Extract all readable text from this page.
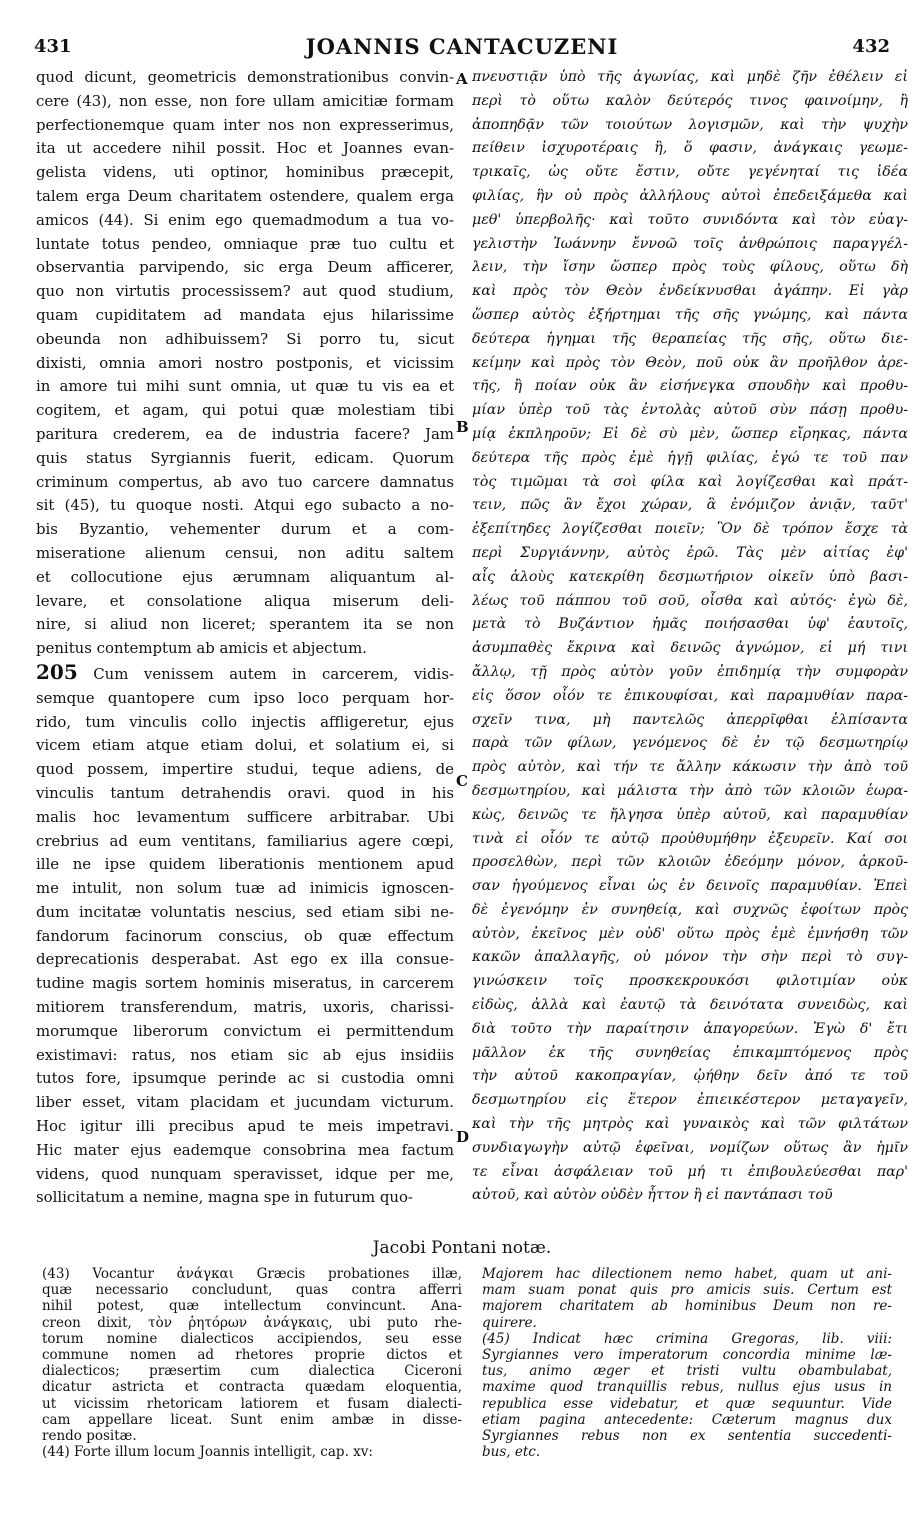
431	JOANNIS CANTACUZENI	432
quod dicunt, geometricis demonstrationibus convin-
cere (43), non esse, non fore ullam amicitiæ formam
perfectionemque quam inter nos non expresserimus,
ita ut accedere nihil possit. Hoc et Joannes evan-
gelista videns, uti optinor, hominibus præcepit,
talem erga Deum charitatem ostendere, qualem erga
amicos (44). Si enim ego quemadmodum a tua vo-
luntate totus pendeo, omniaque præ tuo cultu et
observantia parvipendo, sic erga Deum afficerer,
quo non virtutis processissem? aut quod studium,
quam cupiditatem ad mandata ejus hilarissime
obeunda non adhibuissem? Si porro tu, sicut
dixisti, omnia amori nostro postponis, et vicissim
in amore tui mihi sunt omnia, ut quæ tu vis ea et
cogitem, et agam, qui potui quæ molestiam tibi
paritura crederem, ea de industria facere? Jam
quis status Syrgiannis fuerit, edicam. Quorum
criminum compertus, ab avo tuo carcere damnatus
sit (45), tu quoque nosti. Atqui ego subacto a no-
bis Byzantio, vehementer durum et a com-
miseratione alienum censui, non aditu saltem
et collocutione ejus ærumnam aliquantum al-
levare, et consolatione aliqua miserum deli-
nire, si aliud non liceret; sperantem ita se non
penitus contemptum ab amicis et abjectum.
205 Cum venissem autem in carcerem, vidis-
semque quantopere cum ipso loco perquam hor-
rido, tum vinculis collo injectis affligeretur, ejus
vicem etiam atque etiam dolui, et solatium ei, si
quod possem, impertire studui, teque adiens, de
vinculis tantum detrahendis oravi. quod in his
malis hoc levamentum sufficere arbitrabar. Ubi
crebrius ad eum ventitans, familiarius agere cœpi,
ille ne ipse quidem liberationis mentionem apud
me intulit, non solum tuæ ad inimicis ignoscen-
dum incitatæ voluntatis nescius, sed etiam sibi ne-
fandorum facinorum conscius, ob quæ effectum
deprecationis desperabat. Ast ego ex illa consue-
tudine magis sortem hominis miseratus, in carcerem
mitiorem transferendum, matris, uxoris, charissi-
morumque liberorum convictum ei permittendum
existimavi: ratus, nos etiam sic ab ejus insidiis
tutos fore, ipsumque perinde ac si custodia omni
liber esset, vitam placidam et jucundam victurum.
Hoc igitur illi precibus apud te meis impetravi.
Hic mater ejus eademque consobrina mea factum
videns, quod nunquam speravisset, idque per me,
sollicitatum a nemine, magna spe in futurum quo-
πνευστιᾷν ὑπὸ τῆς ἀγωνίας, καὶ μηδὲ ζῆν ἐθέλειν εἰ
περὶ τὸ οὕτω καλὸν δεύτερός τινος φαινοίμην, ἢ
ἀποπηδᾷν τῶν τοιούτων λογισμῶν, καὶ τὴν ψυχὴν
πείθειν ἰσχυροτέραις ἢ, ὅ φασιν, ἀνάγκαις γεωμε-
τρικαῖς, ὡς οὔτε ἔστιν, οὔτε γεγένηταί τις ἰδέα
φιλίας, ἣν οὐ πρὸς ἀλλήλους αὐτοὶ ἐπεδειξάμεθα καὶ
μεθ' ὑπερβολῆς· καὶ τοῦτο συνιδόντα καὶ τὸν εὐαγ-
γελιστὴν Ἰωάννην ἔννοῶ τοῖς ἀνθρώποις παραγγέλ-
λειν, τὴν ἴσην ὥσπερ πρὸς τοὺς φίλους, οὕτω δὴ
καὶ πρὸς τὸν Θεὸν ἐνδείκνυσθαι ἀγάπην. Εἰ γὰρ
ὥσπερ αὐτὸς ἐξήρτημαι τῆς σῆς γνώμης, καὶ πάντα
δεύτερα ἡγημαι τῆς θεραπείας τῆς σῆς, οὕτω διε-
κείμην καὶ πρὸς τὸν Θεὸν, ποῦ οὐκ ἂν προῆλθον ἀρε-
τῆς, ἢ ποίαν οὐκ ἂν εἰσήνεγκα σπουδὴν καὶ προθυ-
μίαν ὑπὲρ τοῦ τὰς ἐντολὰς αὐτοῦ σὺν πάσῃ προθυ-
μίᾳ ἐκπληροῦν; Εἰ δὲ σὺ μὲν, ὥσπερ εἴρηκας, πάντα
δεύτερα τῆς πρὸς ἐμὲ ἡγῇ φιλίας, ἐγώ τε τοῦ παν
τὸς τιμῶμαι τὰ σοὶ φίλα καὶ λογίζεσθαι καὶ πράτ-
τειν, πῶς ἂν ἔχοι χώραν, ἃ ἐνόμιζον ἀνιᾷν, ταῦτ'
ἐξεπίτηδες λογίζεσθαι ποιεῖν; Ὃν δὲ τρόπον ἔσχε τὰ
περὶ Συργιάννην, αὐτὸς ἐρῶ. Τὰς μὲν αἰτίας ἐφ'
αἷς ἁλοὺς κατεκρίθη δεσμωτήριον οἰκεῖν ὑπὸ βασι-
λέως τοῦ πάππου τοῦ σοῦ, οἶσθα καὶ αὐτός· ἐγὼ δὲ,
μετὰ τὸ Βυζάντιον ἡμᾶς ποιήσασθαι ὑφ' ἑαυτοῖς,
ἀσυμπαθὲς ἔκρινα καὶ δεινῶς ἀγνώμον, εἰ μή τινι
ἄλλῳ, τῇ πρὸς αὐτὸν γοῦν ἐπιδημίᾳ τὴν συμφορὰν
εἰς ὅσον οἷόν τε ἐπικουφίσαι, καὶ παραμυθίαν παρα-
σχεῖν τινα, μὴ παντελῶς ἀπερρῖφθαι ἐλπίσαντα
παρὰ τῶν φίλων, γενόμενος δὲ ἐν τῷ δεσμωτηρίῳ
πρὸς αὐτὸν, καὶ τήν τε ἄλλην κάκωσιν τὴν ἀπὸ τοῦ
δεσμωτηρίου, καὶ μάλιστα τὴν ἀπὸ τῶν κλοιῶν ἑωρα-
κὼς, δεινῶς τε ἤλγησα ὑπὲρ αὐτοῦ, καὶ παραμυθίαν
τινὰ εἰ οἷόν τε αὐτῷ προὐθυμήθην ἐξευρεῖν. Καί σοι
προσελθὼν, περὶ τῶν κλοιῶν ἐδεόμην μόνον, ἀρκοῦ-
σαν ἡγούμενος εἶναι ὡς ἐν δεινοῖς παραμυθίαν. Ἐπεὶ
δὲ ἐγενόμην ἐν συνηθείᾳ, καὶ συχνῶς ἐφοίτων πρὸς
αὐτὸν, ἐκεῖνος μὲν οὐδ' οὕτω πρὸς ἐμὲ ἐμνήσθη τῶν
κακῶν ἀπαλλαγῆς, οὐ μόνον τὴν σὴν περὶ τὸ συγ-
γινώσκειν τοῖς προσκεκρουκόσι φιλοτιμίαν οὐκ
εἰδὼς, ἀλλὰ καὶ ἑαυτῷ τὰ δεινότατα συνειδὼς, καὶ
διὰ τοῦτο τὴν παραίτησιν ἀπαγορεύων. Ἐγὼ δ' ἔτι
μᾶλλον ἐκ τῆς συνηθείας ἐπικαμπτόμενος πρὸς
τὴν αὐτοῦ κακοπραγίαν, ᾠήθην δεῖν ἀπό τε τοῦ
δεσμωτηρίου εἰς ἕτερον ἐπιεικέστερον μεταγαγεῖν,
καὶ τὴν τῆς μητρὸς καὶ γυναικὸς καὶ τῶν φιλτάτων
συνδιαγωγὴν αὐτῷ ἐφεῖναι, νομίζων οὕτως ἂν ἡμῖν
τε εἶναι ἀσφάλειαν τοῦ μή τι ἐπιβουλεύεσθαι παρ'
αὐτοῦ, καὶ αὐτὸν οὐδὲν ἧττον ἢ εἰ παντάπασι τοῦ
A
B
C
D
Jacobi Pontani notæ.
(43) Vocantur ἀνάγκαι Græcis probationes illæ,
quæ necessario concludunt, quas contra afferri
nihil potest, quæ intellectum convincunt. Ana-
creon dixit, τὸν ῥητόρων ἀνάγκαις, ubi puto rhe-
torum nomine dialecticos accipiendos, seu esse
commune nomen ad rhetores proprie dictos et
dialecticos; præsertim cum dialectica Ciceroni
dicatur astricta et contracta quædam eloquentia,
ut vicissim rhetoricam latiorem et fusam dialecti-
cam appellare liceat. Sunt enim ambæ in disse-
rendo positæ.
(44) Forte illum locum Joannis intelligit, cap. xv:
Majorem hac dilectionem nemo habet, quam ut ani-
mam suam ponat quis pro amicis suis. Certum est
majorem charitatem ab hominibus Deum non re-
quirere.
(45) Indicat hæc crimina Gregoras, lib. viii:
Syrgiannes vero imperatorum concordia minime læ-
tus, animo æger et tristi vultu obambulabat,
maxime quod tranquillis rebus, nullus ejus usus in
republica esse videbatur, et quæ sequuntur. Vide
etiam pagina antecedente: Cæterum magnus dux
Syrgiannes rebus non ex sententia succedenti-
bus, etc.
